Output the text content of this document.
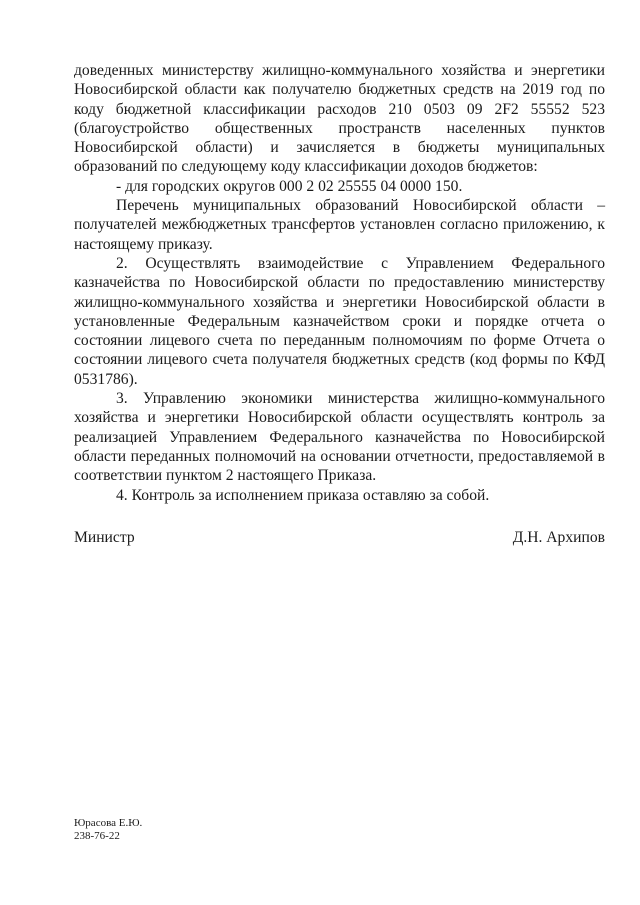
доведенных министерству жилищно-коммунального хозяйства и энергетики Новосибирской области как получателю бюджетных средств на 2019 год по коду бюджетной классификации расходов 210 0503 09 2F2 55552 523 (благоустройство общественных пространств населенных пунктов Новосибирской области) и зачисляется в бюджеты муниципальных образований по следующему коду классификации доходов бюджетов:

- для городских округов 000 2 02 25555 04 0000 150.

Перечень муниципальных образований Новосибирской области – получателей межбюджетных трансфертов установлен согласно приложению, к настоящему приказу.

2. Осуществлять взаимодействие с Управлением Федерального казначейства по Новосибирской области по предоставлению министерству жилищно-коммунального хозяйства и энергетики Новосибирской области в установленные Федеральным казначейством сроки и порядке отчета о состоянии лицевого счета по переданным полномочиям по форме Отчета о состоянии лицевого счета получателя бюджетных средств (код формы по КФД 0531786).

3. Управлению экономики министерства жилищно-коммунального хозяйства и энергетики Новосибирской области осуществлять контроль за реализацией Управлением Федерального казначейства по Новосибирской области переданных полномочий на основании отчетности, предоставляемой в соответствии пунктом 2 настоящего Приказа.

4. Контроль за исполнением приказа оставляю за собой.

Министр	Д.Н. Архипов
Юрасова Е.Ю.
238-76-22
